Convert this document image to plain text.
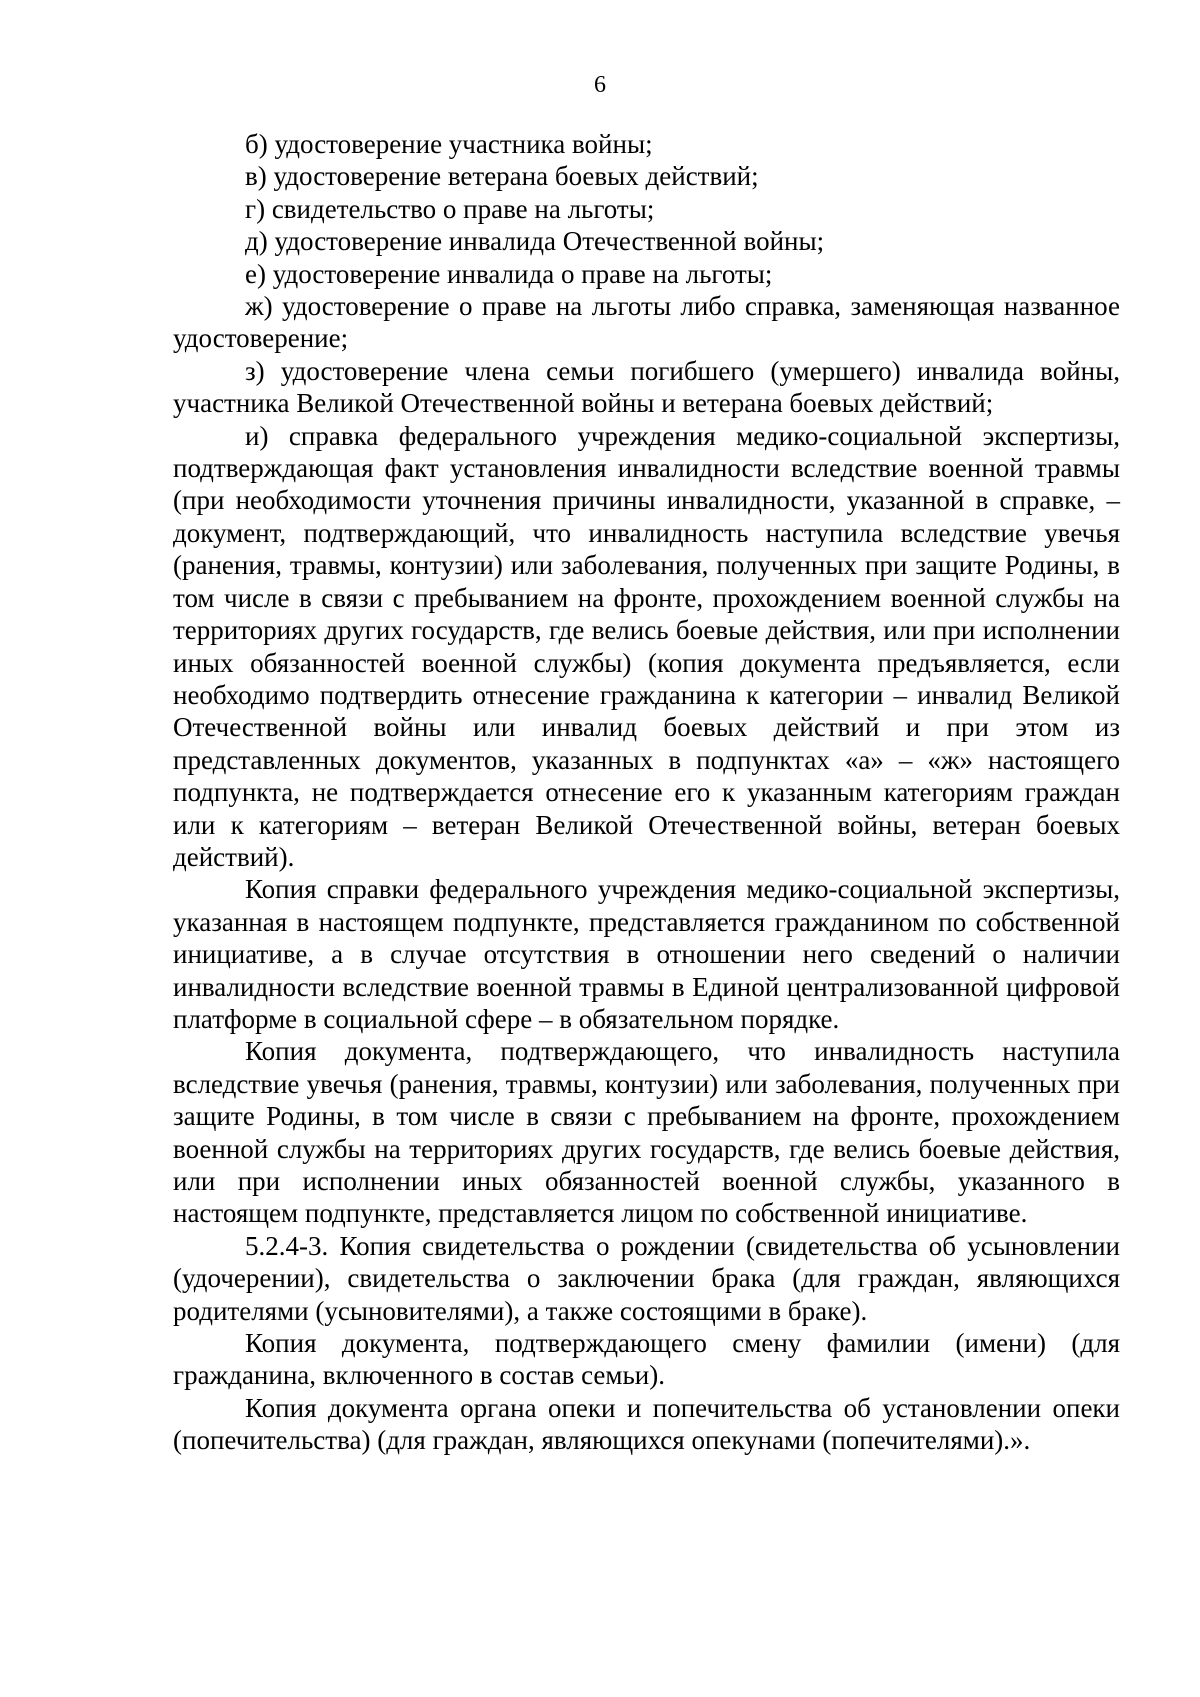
6

б) удостоверение участника войны;

в) удостоверение ветерана боевых действий;

г) свидетельство о праве на льготы;

д) удостоверение инвалида Отечественной войны;

е) удостоверение инвалида о праве на льготы;

ж) удостоверение о праве на льготы либо справка, заменяющая названное удостоверение;

з) удостоверение члена семьи погибшего (умершего) инвалида войны, участника Великой Отечественной войны и ветерана боевых действий;

и) справка федерального учреждения медико-социальной экспертизы, подтверждающая факт установления инвалидности вследствие военной травмы (при необходимости уточнения причины инвалидности, указанной в справке, – документ, подтверждающий, что инвалидность наступила вследствие увечья (ранения, травмы, контузии) или заболевания, полученных при защите Родины, в том числе в связи с пребыванием на фронте, прохождением военной службы на территориях других государств, где велись боевые действия, или при исполнении иных обязанностей военной службы) (копия документа предъявляется, если необходимо подтвердить отнесение гражданина к категории – инвалид Великой Отечественной войны или инвалид боевых действий и при этом из представленных документов, указанных в подпунктах «а» – «ж» настоящего подпункта, не подтверждается отнесение его к указанным категориям граждан или к категориям – ветеран Великой Отечественной войны, ветеран боевых действий).

Копия справки федерального учреждения медико-социальной экспертизы, указанная в настоящем подпункте, представляется гражданином по собственной инициативе, а в случае отсутствия в отношении него сведений о наличии инвалидности вследствие военной травмы в Единой централизованной цифровой платформе в социальной сфере – в обязательном порядке.

Копия документа, подтверждающего, что инвалидность наступила вследствие увечья (ранения, травмы, контузии) или заболевания, полученных при защите Родины, в том числе в связи с пребыванием на фронте, прохождением военной службы на территориях других государств, где велись боевые действия, или при исполнении иных обязанностей военной службы, указанного в настоящем подпункте, представляется лицом по собственной инициативе.

5.2.4-3. Копия свидетельства о рождении (свидетельства об усыновлении (удочерении), свидетельства о заключении брака (для граждан, являющихся родителями (усыновителями), а также состоящими в браке).

Копия документа, подтверждающего смену фамилии (имени) (для гражданина, включенного в состав семьи).

Копия документа органа опеки и попечительства об установлении опеки (попечительства) (для граждан, являющихся опекунами (попечителями).».
